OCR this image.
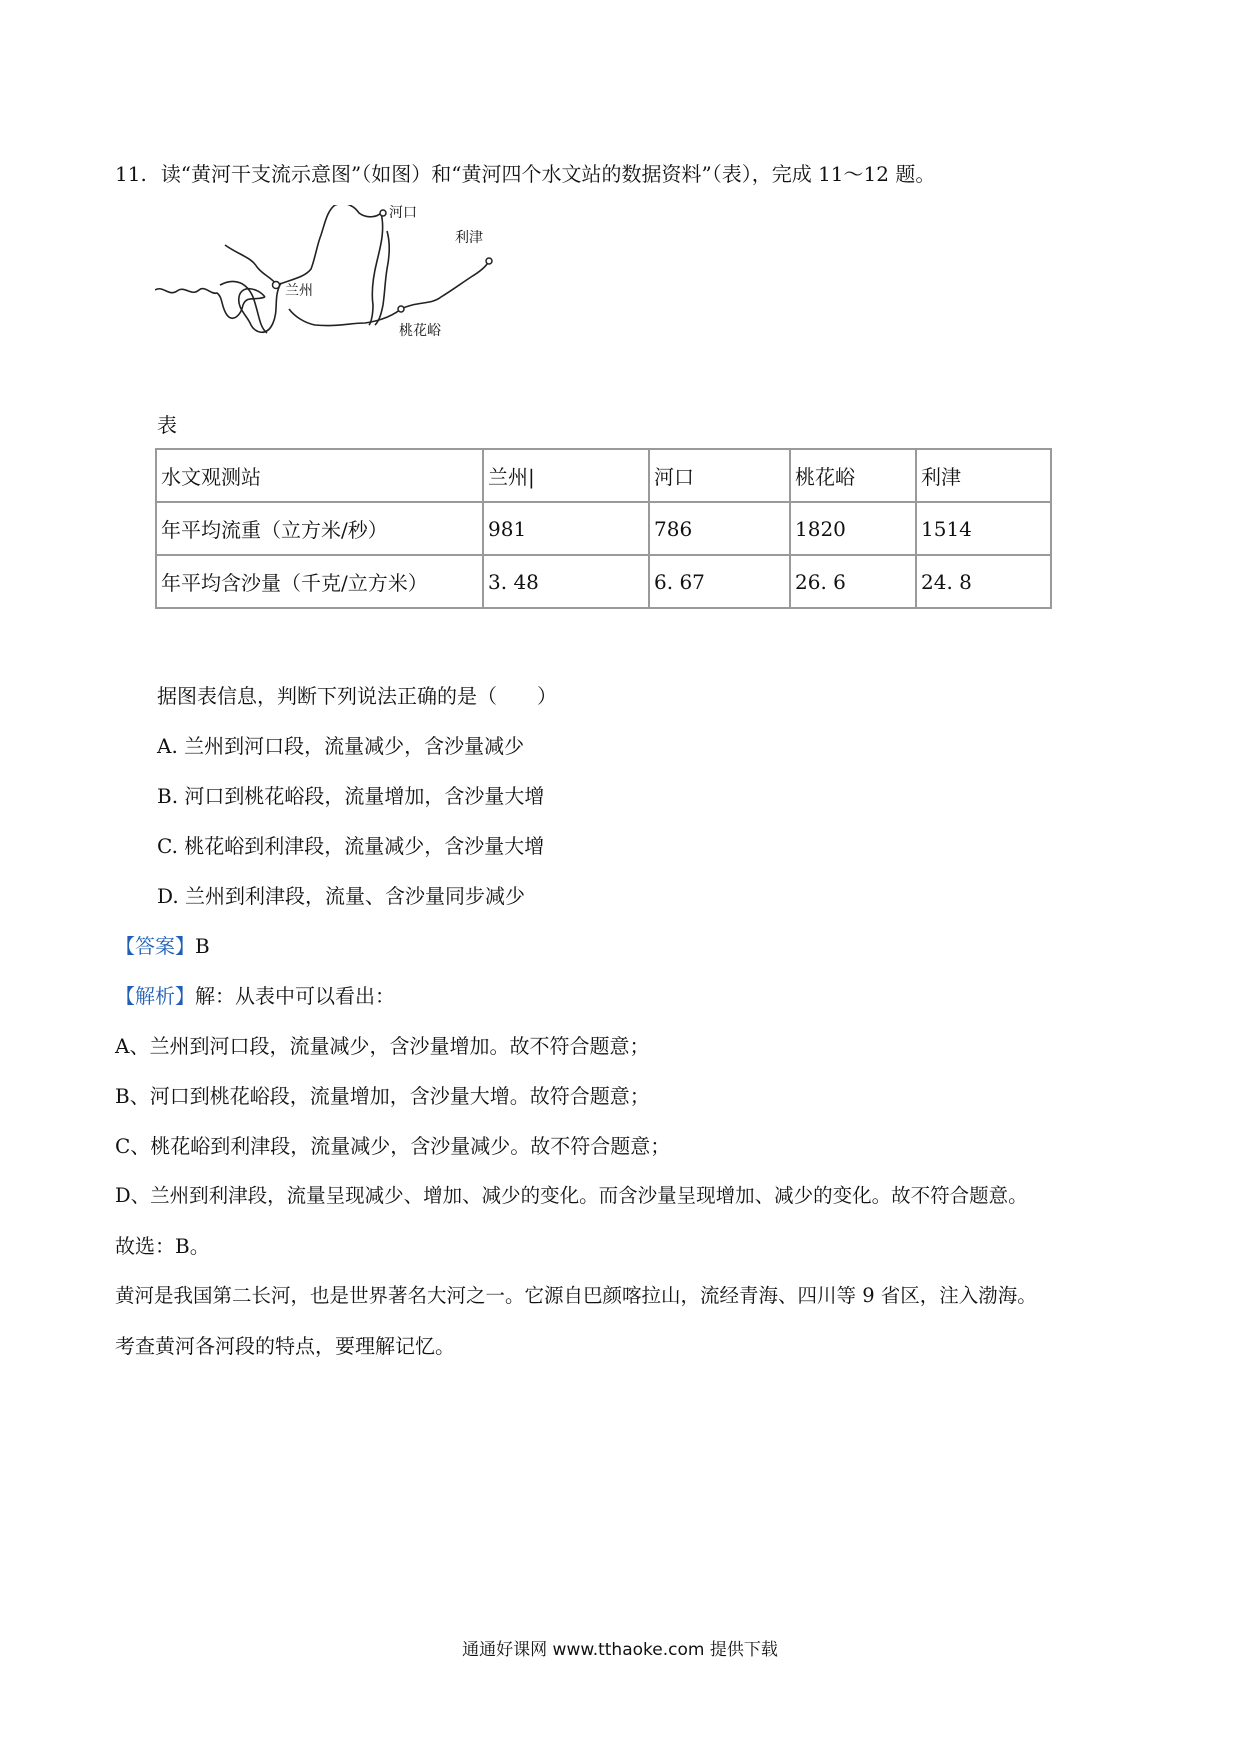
11. 读“黄河干支流示意图”（如图）和“黄河四个水文站的数据资料”（表），完成 11～12 题。
河口
利津
兰州
桃花峪
表
水文观测站	兰州|	河口	桃花峪	利津
年平均流重（立方米/秒）	981	786	1820	1514
年平均含沙量（千克/立方米）	3. 48	6. 67	26. 6	24. 8
据图表信息，判断下列说法正确的是（　　）
A. 兰州到河口段，流量减少，含沙量减少
B. 河口到桃花峪段，流量增加，含沙量大增
C. 桃花峪到利津段，流量减少，含沙量大增
D. 兰州到利津段，流量、含沙量同步减少
【答案】B
【解析】解：从表中可以看出：
A、兰州到河口段，流量减少，含沙量增加。故不符合题意；
B、河口到桃花峪段，流量增加，含沙量大增。故符合题意；
C、桃花峪到利津段，流量减少，含沙量减少。故不符合题意；
D、兰州到利津段，流量呈现减少、增加、减少的变化。而含沙量呈现增加、减少的变化。故不符合题意。
故选：B。
黄河是我国第二长河，也是世界著名大河之一。它源自巴颜喀拉山，流经青海、四川等 9 省区，注入渤海。
考查黄河各河段的特点，要理解记忆。
通通好课网 www.tthaoke.com 提供下载
